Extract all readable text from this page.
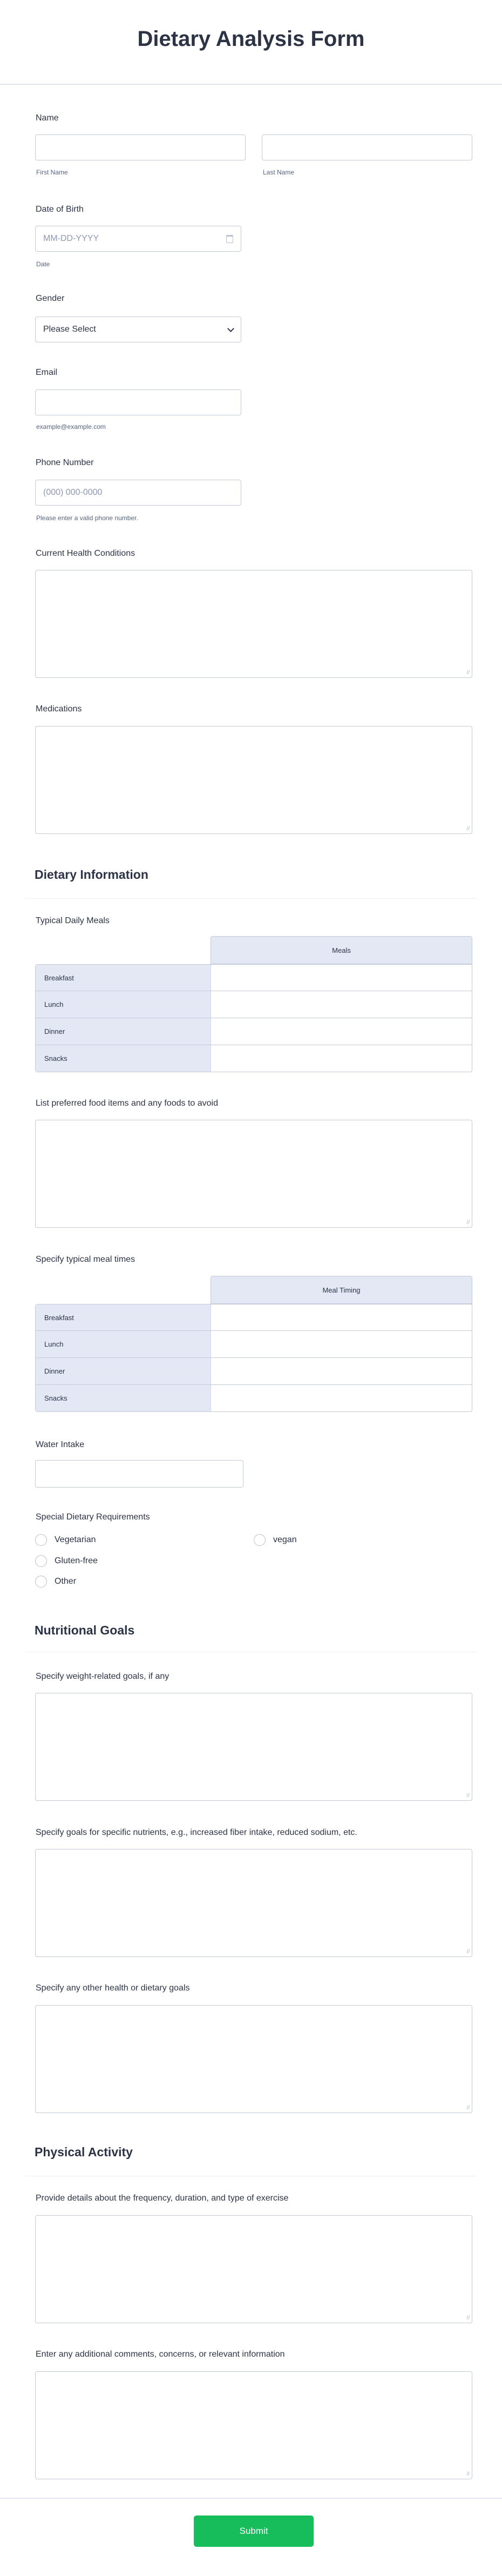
Dietary Analysis Form
Name
First Name	Last Name
Date of Birth
MM-DD-YYYY
Date
Gender
Please Select
Email
example@example.com
Phone Number
(000) 000-0000
Please enter a valid phone number.
Current Health Conditions
//
Medications
//
Dietary Information
Typical Daily Meals
Meals
Breakfast
Lunch
Dinner
Snacks
List preferred food items and any foods to avoid
//
Specify typical meal times
Meal Timing
Breakfast
Lunch
Dinner
Snacks
Water Intake
Special Dietary Requirements
Vegetarian	vegan
Gluten-free
Other
Nutritional Goals
Specify weight-related goals, if any
//
Specify goals for specific nutrients, e.g., increased fiber intake, reduced sodium, etc.
//
Specify any other health or dietary goals
//
Physical Activity
Provide details about the frequency, duration, and type of exercise
//
Enter any additional comments, concerns, or relevant information
//
Submit
